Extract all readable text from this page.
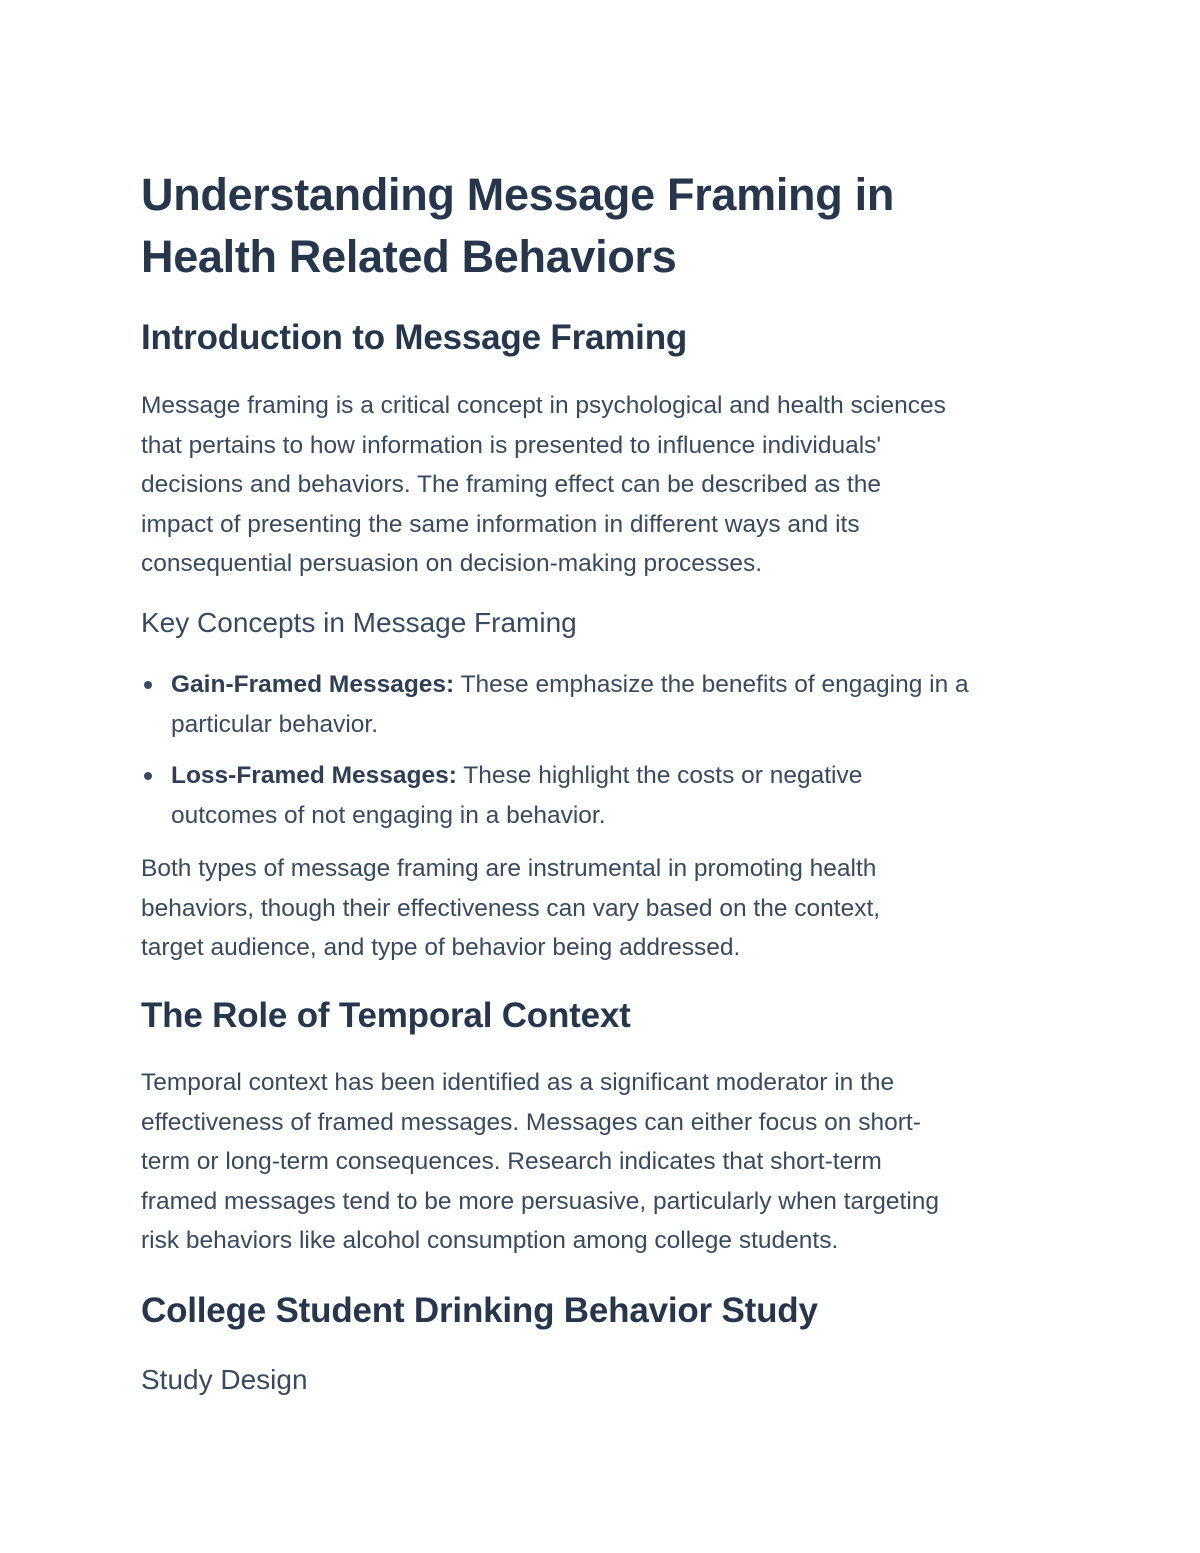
Understanding Message Framing in
Health Related Behaviors
Introduction to Message Framing

Message framing is a critical concept in psychological and health sciences
that pertains to how information is presented to influence individuals'
decisions and behaviors. The framing effect can be described as the
impact of presenting the same information in different ways and its
consequential persuasion on decision-making processes.

Key Concepts in Message Framing
Gain-Framed Messages: These emphasize the benefits of engaging in a
particular behavior.
Loss-Framed Messages: These highlight the costs or negative
outcomes of not engaging in a behavior.

Both types of message framing are instrumental in promoting health
behaviors, though their effectiveness can vary based on the context,
target audience, and type of behavior being addressed.

The Role of Temporal Context

Temporal context has been identified as a significant moderator in the
effectiveness of framed messages. Messages can either focus on short-
term or long-term consequences. Research indicates that short-term
framed messages tend to be more persuasive, particularly when targeting
risk behaviors like alcohol consumption among college students.

College Student Drinking Behavior Study
Study Design
